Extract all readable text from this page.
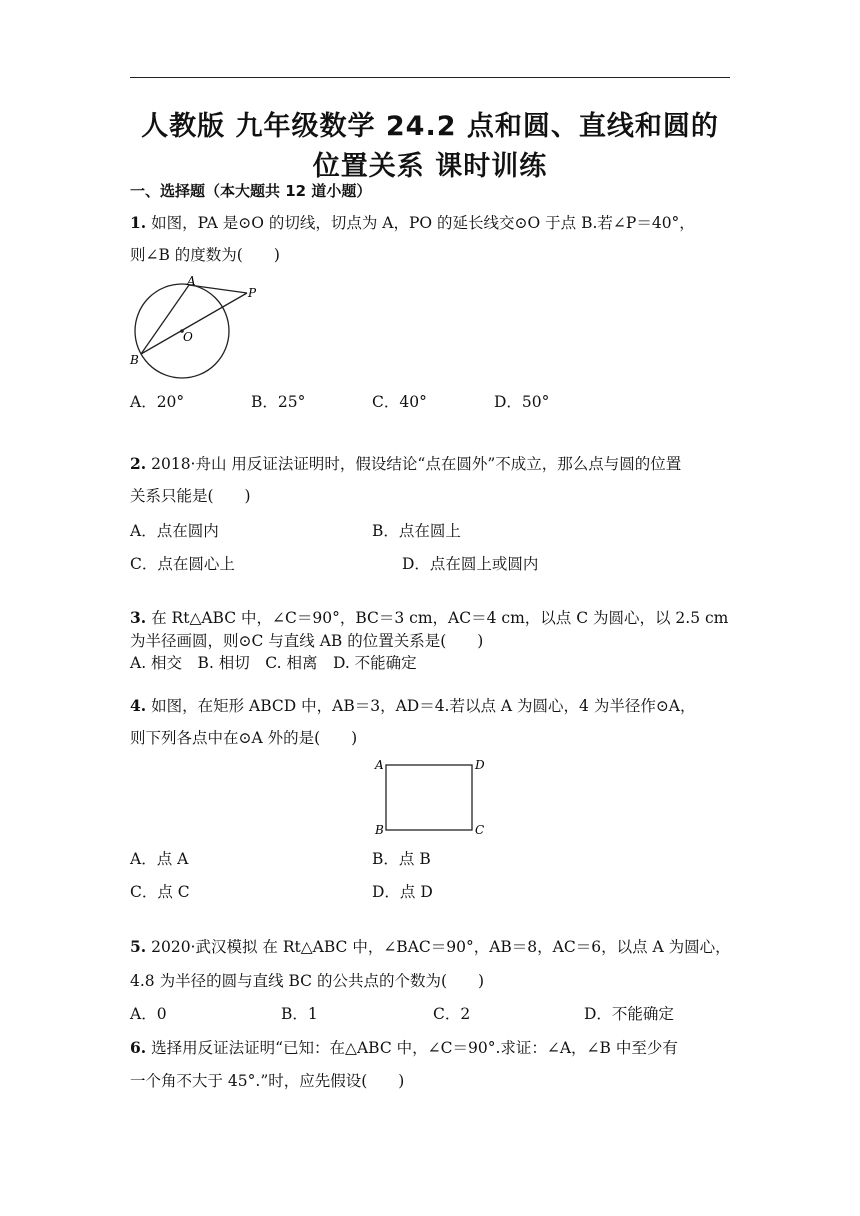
人教版 九年级数学 24.2 点和圆、直线和圆的
位置关系 课时训练
一、选择题（本大题共 12 道小题）
1. 如图，PA 是⊙O 的切线，切点为 A，PO 的延长线交⊙O 于点 B.若∠P＝40°，
则∠B 的度数为(　　)
A
P
O
B
A．20°	B．25°	C．40°	D．50°
2. 2018·舟山 用反证法证明时，假设结论“点在圆外”不成立，那么点与圆的位置
关系只能是(　　)
A．点在圆内	B．点在圆上
C．点在圆心上	D．点在圆上或圆内
3. 在 Rt△ABC 中，∠C＝90°，BC＝3 cm，AC＝4 cm，以点 C 为圆心，以 2.5 cm
为半径画圆，则⊙C 与直线 AB 的位置关系是(　　)
A. 相交　B. 相切　C. 相离　D. 不能确定
4. 如图，在矩形 ABCD 中，AB＝3，AD＝4.若以点 A 为圆心，4 为半径作⊙A，
则下列各点中在⊙A 外的是(　　)
A	D
B	C
A．点 A	B．点 B
C．点 C	D．点 D
5. 2020·武汉模拟 在 Rt△ABC 中，∠BAC＝90°，AB＝8，AC＝6，以点 A 为圆心，
4.8 为半径的圆与直线 BC 的公共点的个数为(　　)
A．0	B．1	C．2	D．不能确定
6. 选择用反证法证明“已知：在△ABC 中，∠C＝90°.求证：∠A，∠B 中至少有
一个角不大于 45°.”时，应先假设(　　)
